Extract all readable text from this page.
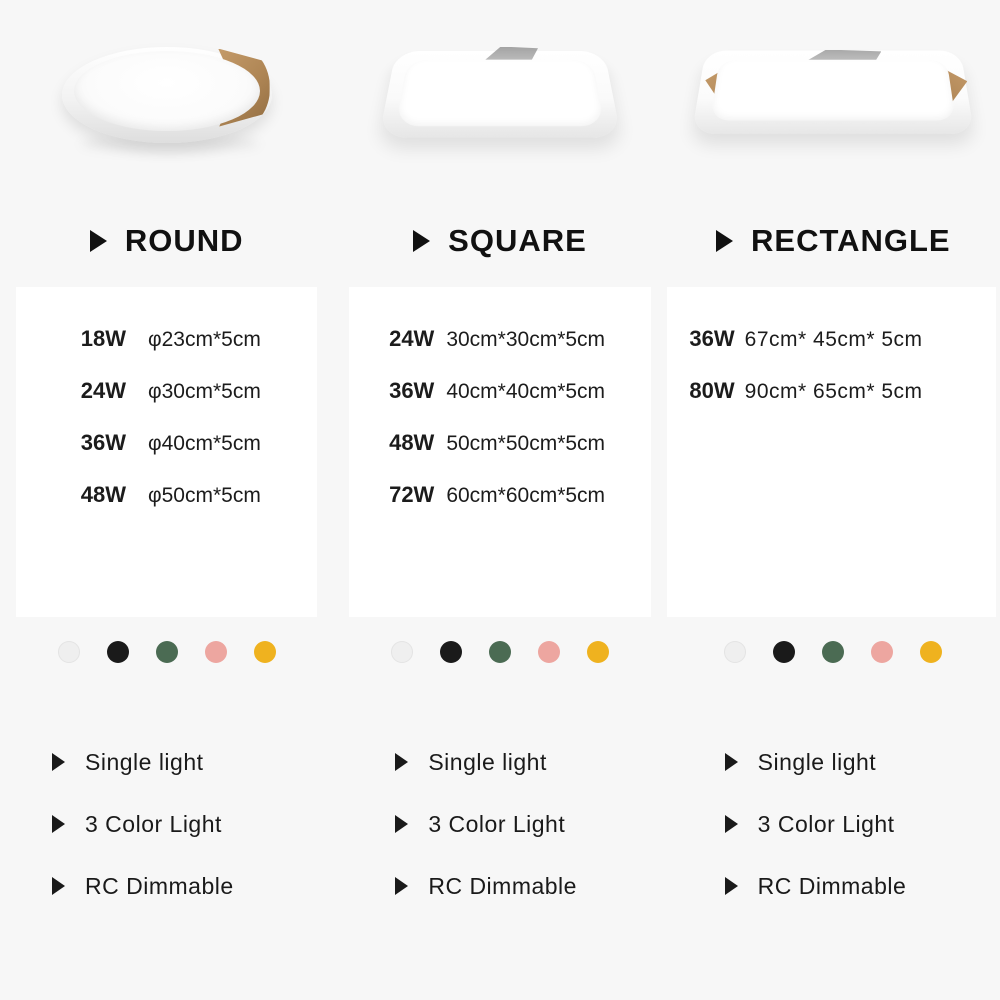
ROUND
18W φ23cm*5cm
24W φ30cm*5cm
36W φ40cm*5cm
48W φ50cm*5cm
Single light
3 Color Light
RC Dimmable
SQUARE
24W 30cm*30cm*5cm
36W 40cm*40cm*5cm
48W 50cm*50cm*5cm
72W 60cm*60cm*5cm
Single light
3 Color Light
RC Dimmable
RECTANGLE
36W 67cm* 45cm* 5cm
80W 90cm* 65cm* 5cm
Single light
3 Color Light
RC Dimmable
